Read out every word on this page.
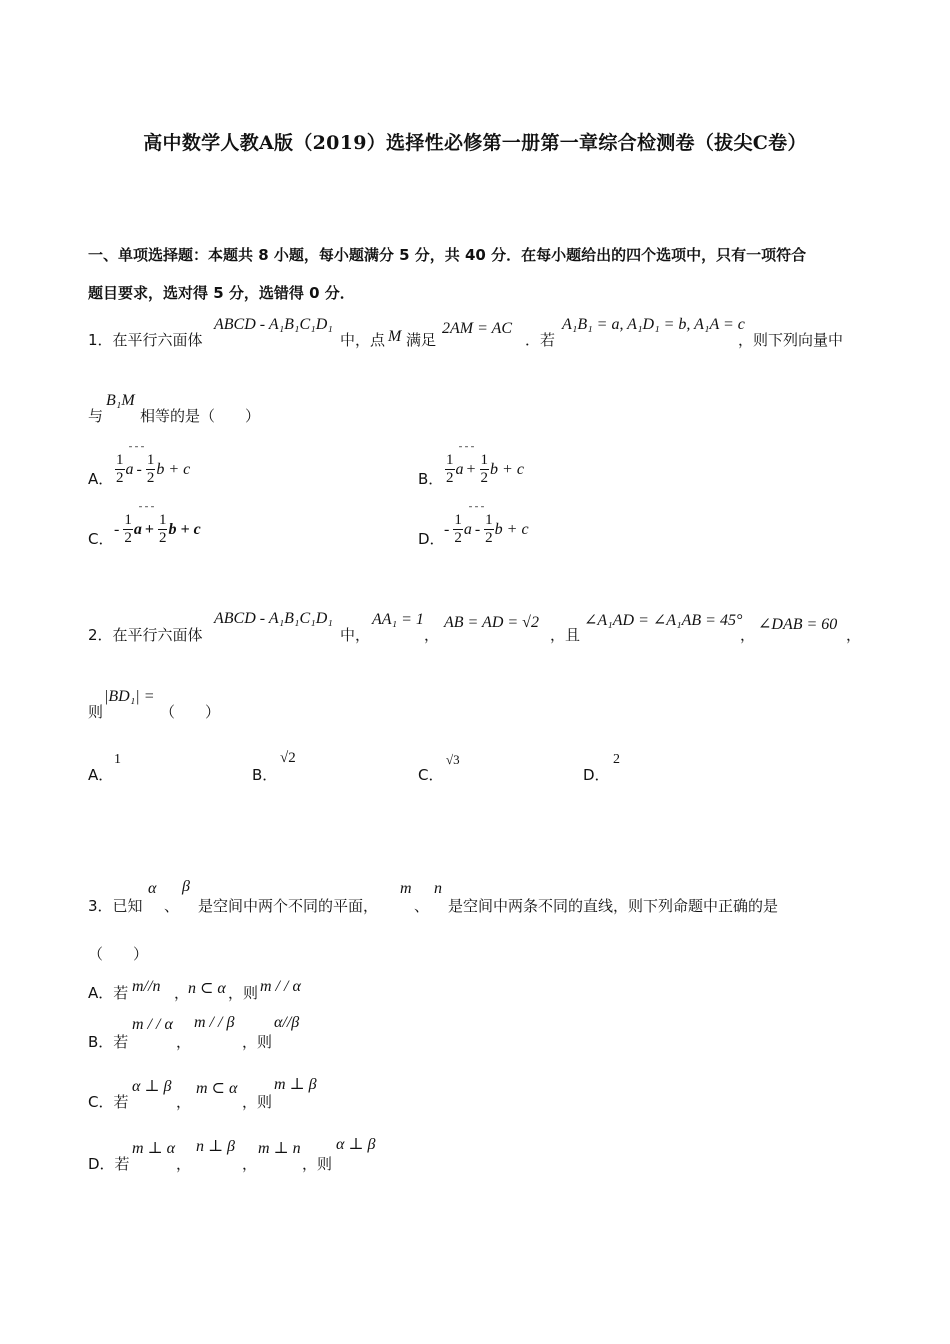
高中数学人教A版（2019）选择性必修第一册第一章综合检测卷（拔尖C卷）
一、单项选择题：本题共 8 小题，每小题满分 5 分，共 40 分．在每小题给出的四个选项中，只有一项符合
题目要求，选对得 5 分，选错得 0 分．
1．在平行六面体
ABCD - A₁B₁C₁D₁
中，点 M 满足
2AM = AC
．若
A₁B₁ = a, A₁D₁ = b, A₁A = c
，则下列向量中
与
B₁M
相等的是（　　）
A．
¯¯¯
$\frac{1}{2}$ a - $\frac{1}{2}$ b + c
B．
¯¯¯
$\frac{1}{2}$ $a + \frac{1}{2}$ b + c
C．
¯¯¯
- $\frac{1}{2}$ $a + \frac{1}{2}$ b + c
D．
¯¯¯
- $\frac{1}{2}$ a - $\frac{1}{2}$ b + c
2．在平行六面体
ABCD - A₁B₁C₁D₁
中，
AA₁ = 1
，
AB = AD = √2
，且
∠A₁AD = ∠A₁AB = 45°
，
∠DAB = 60
，
则
|BD₁| =
（　　）
A．
1
B．
√2
C．
√3
D．
2
3．已知
α
、
β
是空间中两个不同的平面，
m
、
n
是空间中两条不同的直线，则下列命题中正确的是
（　　）
A．若 m//n ，
n ⊂ α ，则 m / / α
B．若
m / / α
，
m / / β
，则
α//β
C．若
α ⊥ β
，
m ⊂ α
，则
m ⊥ β
D．若
m ⊥ α
，
n ⊥ β
，
m ⊥ n
，则
α ⊥ β
